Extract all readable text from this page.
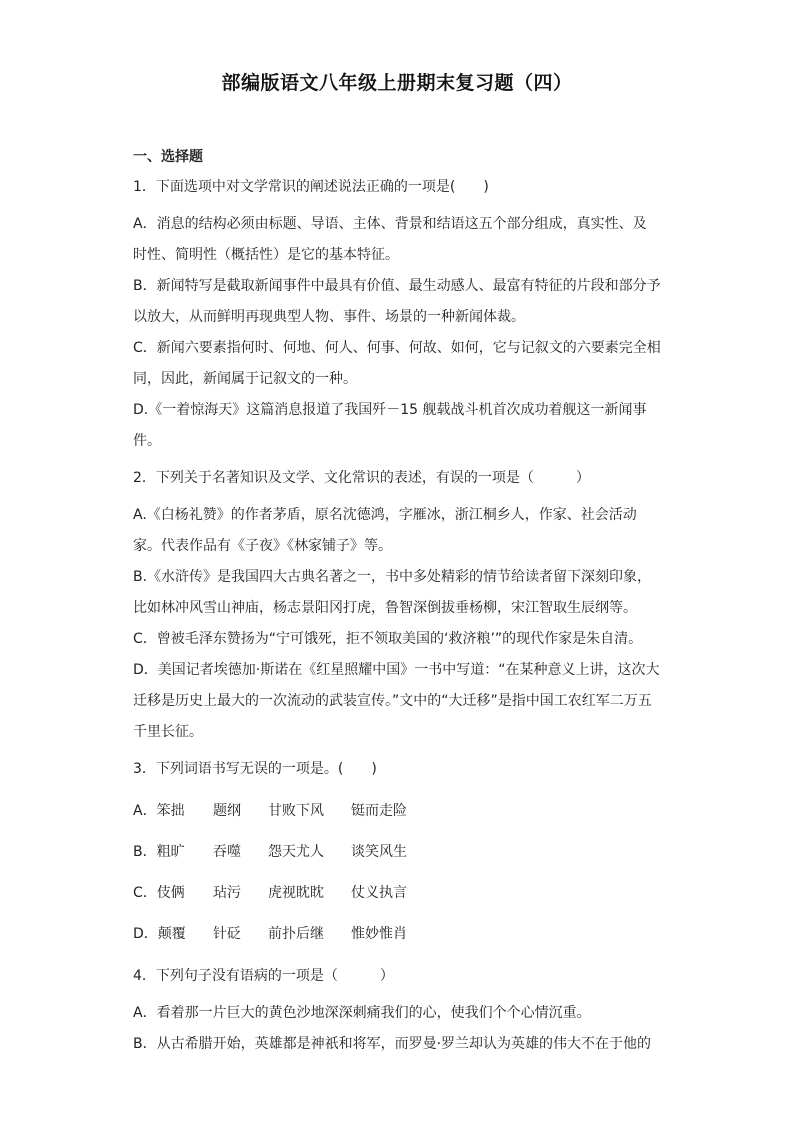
部编版语文八年级上册期末复习题（四）
一、选择题

1．下面选项中对文学常识的阐述说法正确的一项是(　　)

A．消息的结构必须由标题、导语、主体、背景和结语这五个部分组成，真实性、及

时性、简明性（概括性）是它的基本特征。

B．新闻特写是截取新闻事件中最具有价值、最生动感人、最富有特征的片段和部分予

以放大，从而鲜明再现典型人物、事件、场景的一种新闻体裁。

C．新闻六要素指何时、何地、何人、何事、何故、如何，它与记叙文的六要素完全相

同，因此，新闻属于记叙文的一种。

D.《一着惊海天》这篇消息报道了我国歼－15 舰载战斗机首次成功着舰这一新闻事

件。

2．下列关于名著知识及文学、文化常识的表述，有误的一项是（　　　）

A.《白杨礼赞》的作者茅盾，原名沈德鸿，字雁冰，浙江桐乡人，作家、社会活动

家。代表作品有《子夜》《林家铺子》等。

B.《水浒传》是我国四大古典名著之一，书中多处精彩的情节给读者留下深刻印象，

比如林冲风雪山神庙，杨志景阳冈打虎，鲁智深倒拔垂杨柳，宋江智取生辰纲等。

C．曾被毛泽东赞扬为“宁可饿死，拒不领取美国的‘救济粮’”的现代作家是朱自清。

D．美国记者埃德加·斯诺在《红星照耀中国》一书中写道：“在某种意义上讲，这次大

迁移是历史上最大的一次流动的武装宣传。”文中的“大迁移”是指中国工农红军二万五

千里长征。

3．下列词语书写无误的一项是。(　　)

A．笨拙 题纲 甘败下风 铤而走险

B．粗旷 吞噬 怨天尤人 谈笑风生

C．伎俩 玷污 虎视眈眈 仗义执言

D．颠覆 针砭 前扑后继 惟妙惟肖

4．下列句子没有语病的一项是（　　　）

A．看着那一片巨大的黄色沙地深深刺痛我们的心，使我们个个心情沉重。

B．从古希腊开始，英雄都是神祇和将军，而罗曼·罗兰却认为英雄的伟大不在于他的
